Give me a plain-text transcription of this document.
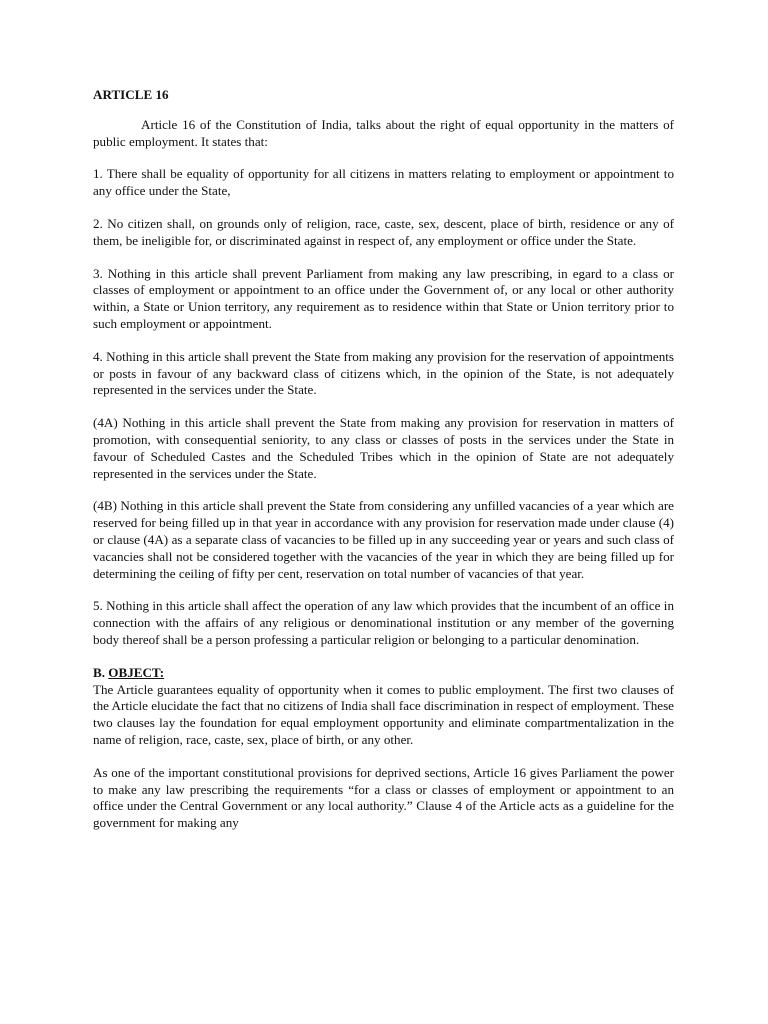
ARTICLE 16

Article 16 of the Constitution of India, talks about the right of equal opportunity in the matters of public employment. It states that:

1. There shall be equality of opportunity for all citizens in matters relating to employment or appointment to any office under the State,

2. No citizen shall, on grounds only of religion, race, caste, sex, descent, place of birth, residence or any of them, be ineligible for, or discriminated against in respect of, any employment or office under the State.

3. Nothing in this article shall prevent Parliament from making any law prescribing, in egard to a class or classes of employment or appointment to an office under the Government of, or any local or other authority within, a State or Union territory, any requirement as to residence within that State or Union territory prior to such employment or appointment.

4. Nothing in this article shall prevent the State from making any provision for the reservation of appointments or posts in favour of any backward class of citizens which, in the opinion of the State, is not adequately represented in the services under the State.

(4A) Nothing in this article shall prevent the State from making any provision for reservation in matters of promotion, with consequential seniority, to any class or classes of posts in the services under the State in favour of Scheduled Castes and the Scheduled Tribes which in the opinion of State are not adequately represented in the services under the State.

(4B) Nothing in this article shall prevent the State from considering any unfilled vacancies of a year which are reserved for being filled up in that year in accordance with any provision for reservation made under clause (4) or clause (4A) as a separate class of vacancies to be filled up in any succeeding year or years and such class of vacancies shall not be considered together with the vacancies of the year in which they are being filled up for determining the ceiling of fifty per cent, reservation on total number of vacancies of that year.

5. Nothing in this article shall affect the operation of any law which provides that the incumbent of an office in connection with the affairs of any religious or denominational institution or any member of the governing body thereof shall be a person professing a particular religion or belonging to a particular denomination.

B. OBJECT:

The Article guarantees equality of opportunity when it comes to public employment. The first two clauses of the Article elucidate the fact that no citizens of India shall face discrimination in respect of employment. These two clauses lay the foundation for equal employment opportunity and eliminate compartmentalization in the name of religion, race, caste, sex, place of birth, or any other.

As one of the important constitutional provisions for deprived sections, Article 16 gives Parliament the power to make any law prescribing the requirements “for a class or classes of employment or appointment to an office under the Central Government or any local authority.” Clause 4 of the Article acts as a guideline for the government for making any
